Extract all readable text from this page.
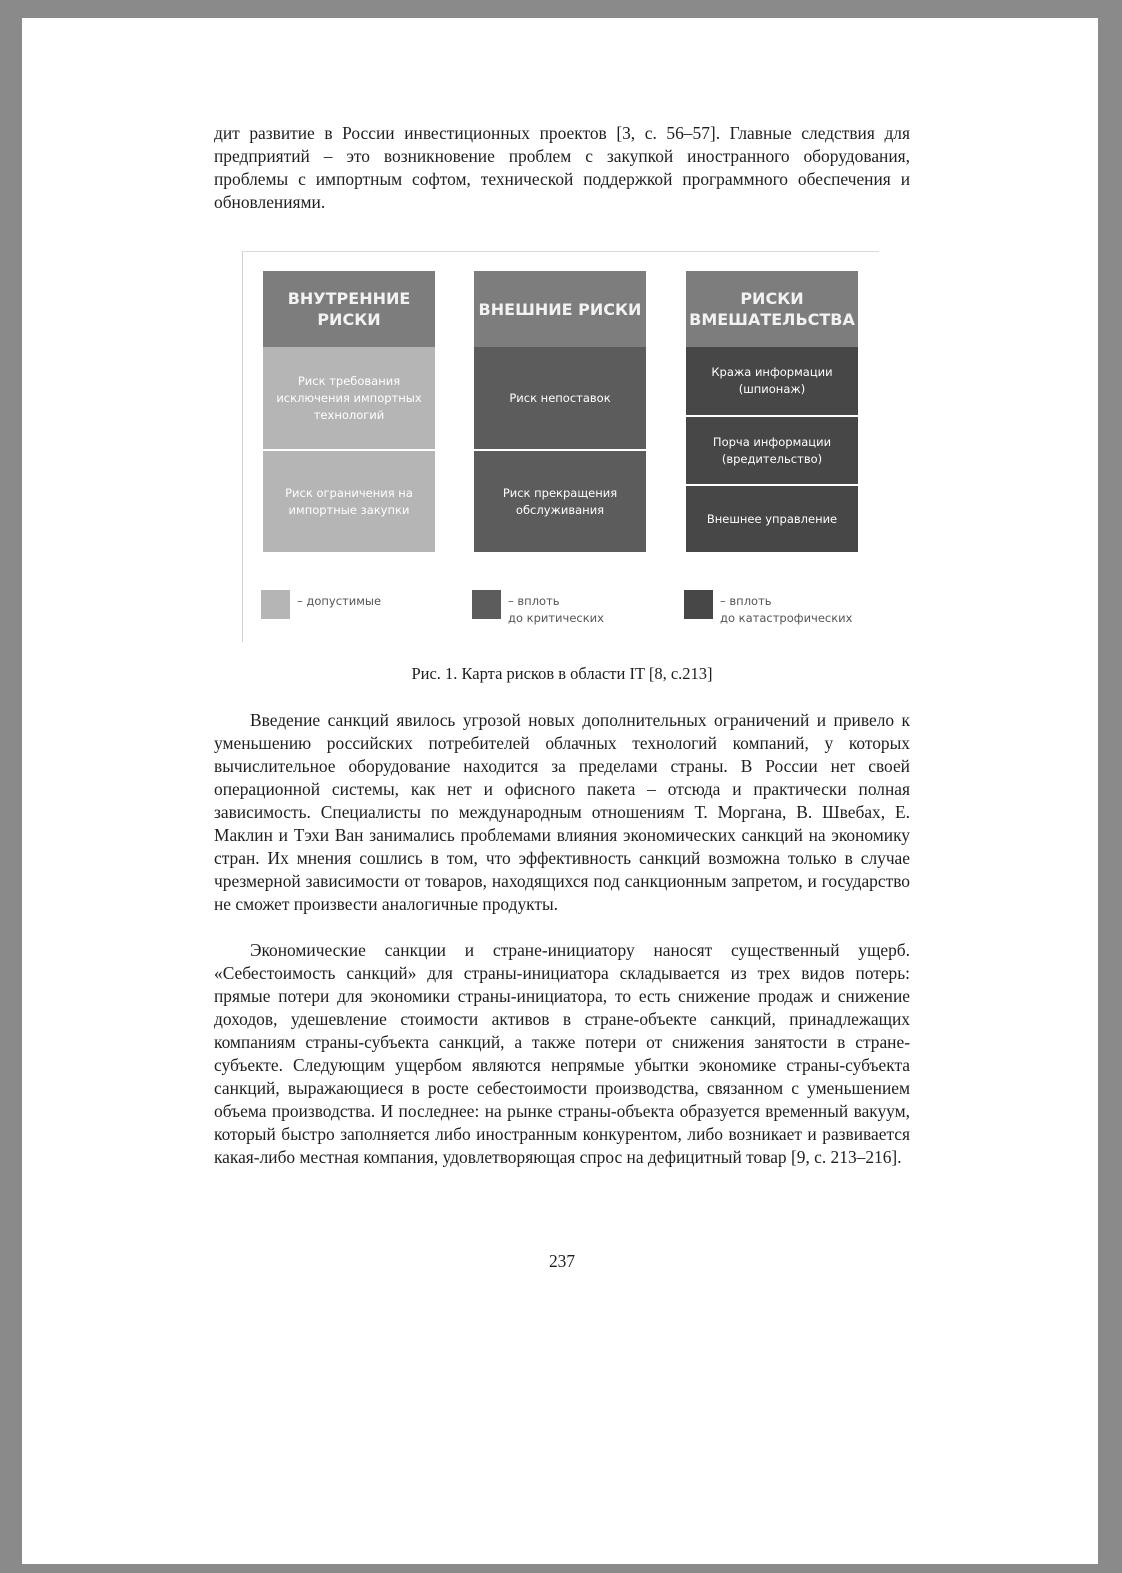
дит развитие в России инвестиционных проектов [3, с. 56–57]. Главные следствия для предприятий – это возникновение проблем с закупкой иностранного оборудования, проблемы с импортным софтом, технической поддержкой программного обеспечения и обновлениями.

ВНУТРЕННИЕ РИСКИ
Риск требования исключения импортных технологий
Риск ограничения на импортные закупки
ВНЕШНИЕ РИСКИ
Риск непоставок
Риск прекращения обслуживания
РИСКИ ВМЕШАТЕЛЬСТВА
Кража информации (шпионаж)
Порча информации (вредительство)
Внешнее управление
– допустимые	– вплоть
до критических
– вплоть
до катастрофических
Рис. 1. Карта рисков в области IT [8, с.213]

Введение санкций явилось угрозой новых дополнительных ограничений и привело к уменьшению российских потребителей облачных технологий компаний, у которых вычислительное оборудование находится за пределами страны. В России нет своей операционной системы, как нет и офисного пакета – отсюда и практически полная зависимость. Специалисты по международным отношениям Т. Моргана, В. Швебах, Е. Маклин и Тэхи Ван занимались проблемами влияния экономических санкций на экономику стран. Их мнения сошлись в том, что эффективность санкций возможна только в случае чрезмерной зависимости от товаров, находящихся под санкционным запретом, и государство не сможет произвести аналогичные продукты.

Экономические санкции и стране-инициатору наносят существенный ущерб. «Себестоимость санкций» для страны-инициатора складывается из трех видов потерь: прямые потери для экономики страны-инициатора, то есть снижение продаж и снижение доходов, удешевление стоимости активов в стране-объекте санкций, принадлежащих компаниям страны-субъекта санкций, а также потери от снижения занятости в стране-субъекте. Следующим ущербом являются непрямые убытки экономике страны-субъекта санкций, выражающиеся в росте себестоимости производства, связанном с уменьшением объема производства. И последнее: на рынке страны-объекта образуется временный вакуум, который быстро заполняется либо иностранным конкурентом, либо возникает и развивается какая-либо местная компания, удовлетворяющая спрос на дефицитный товар [9, с. 213–216].

237
